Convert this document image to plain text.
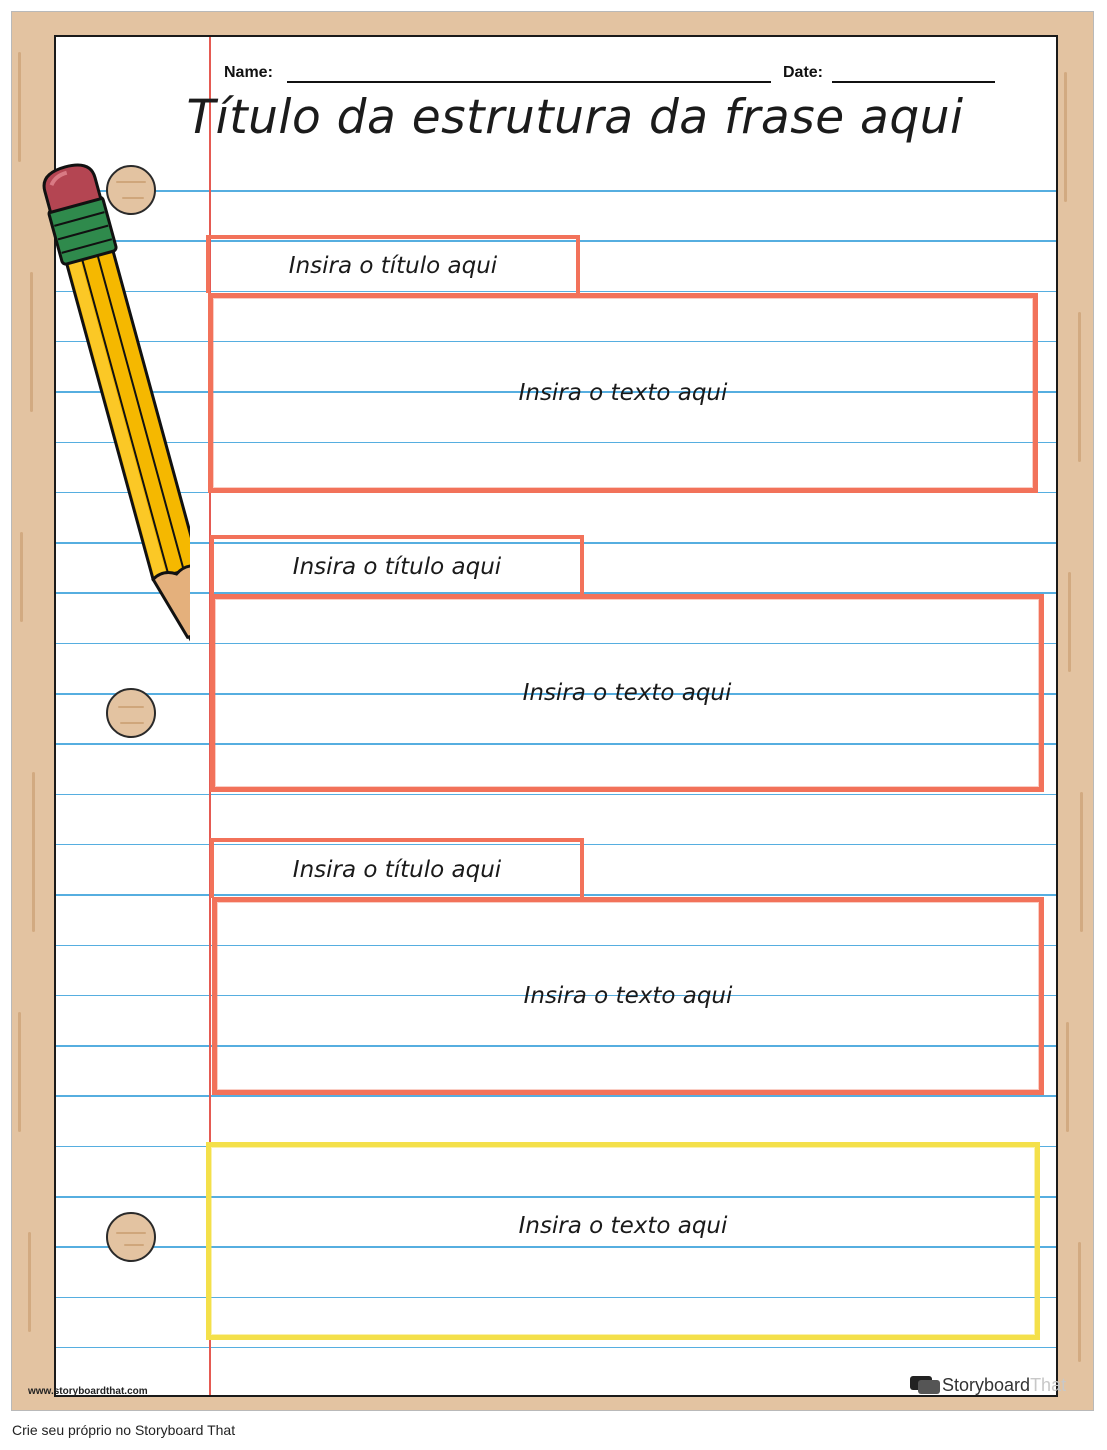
Name:	Date:
Título da estrutura da frase aqui
Insira o título aqui
Insira o texto aqui
Insira o título aqui
Insira o texto aqui
Insira o título aqui
Insira o texto aqui
Insira o texto aqui
www.storyboardthat.com	Storyboard That
Crie seu próprio no Storyboard That
